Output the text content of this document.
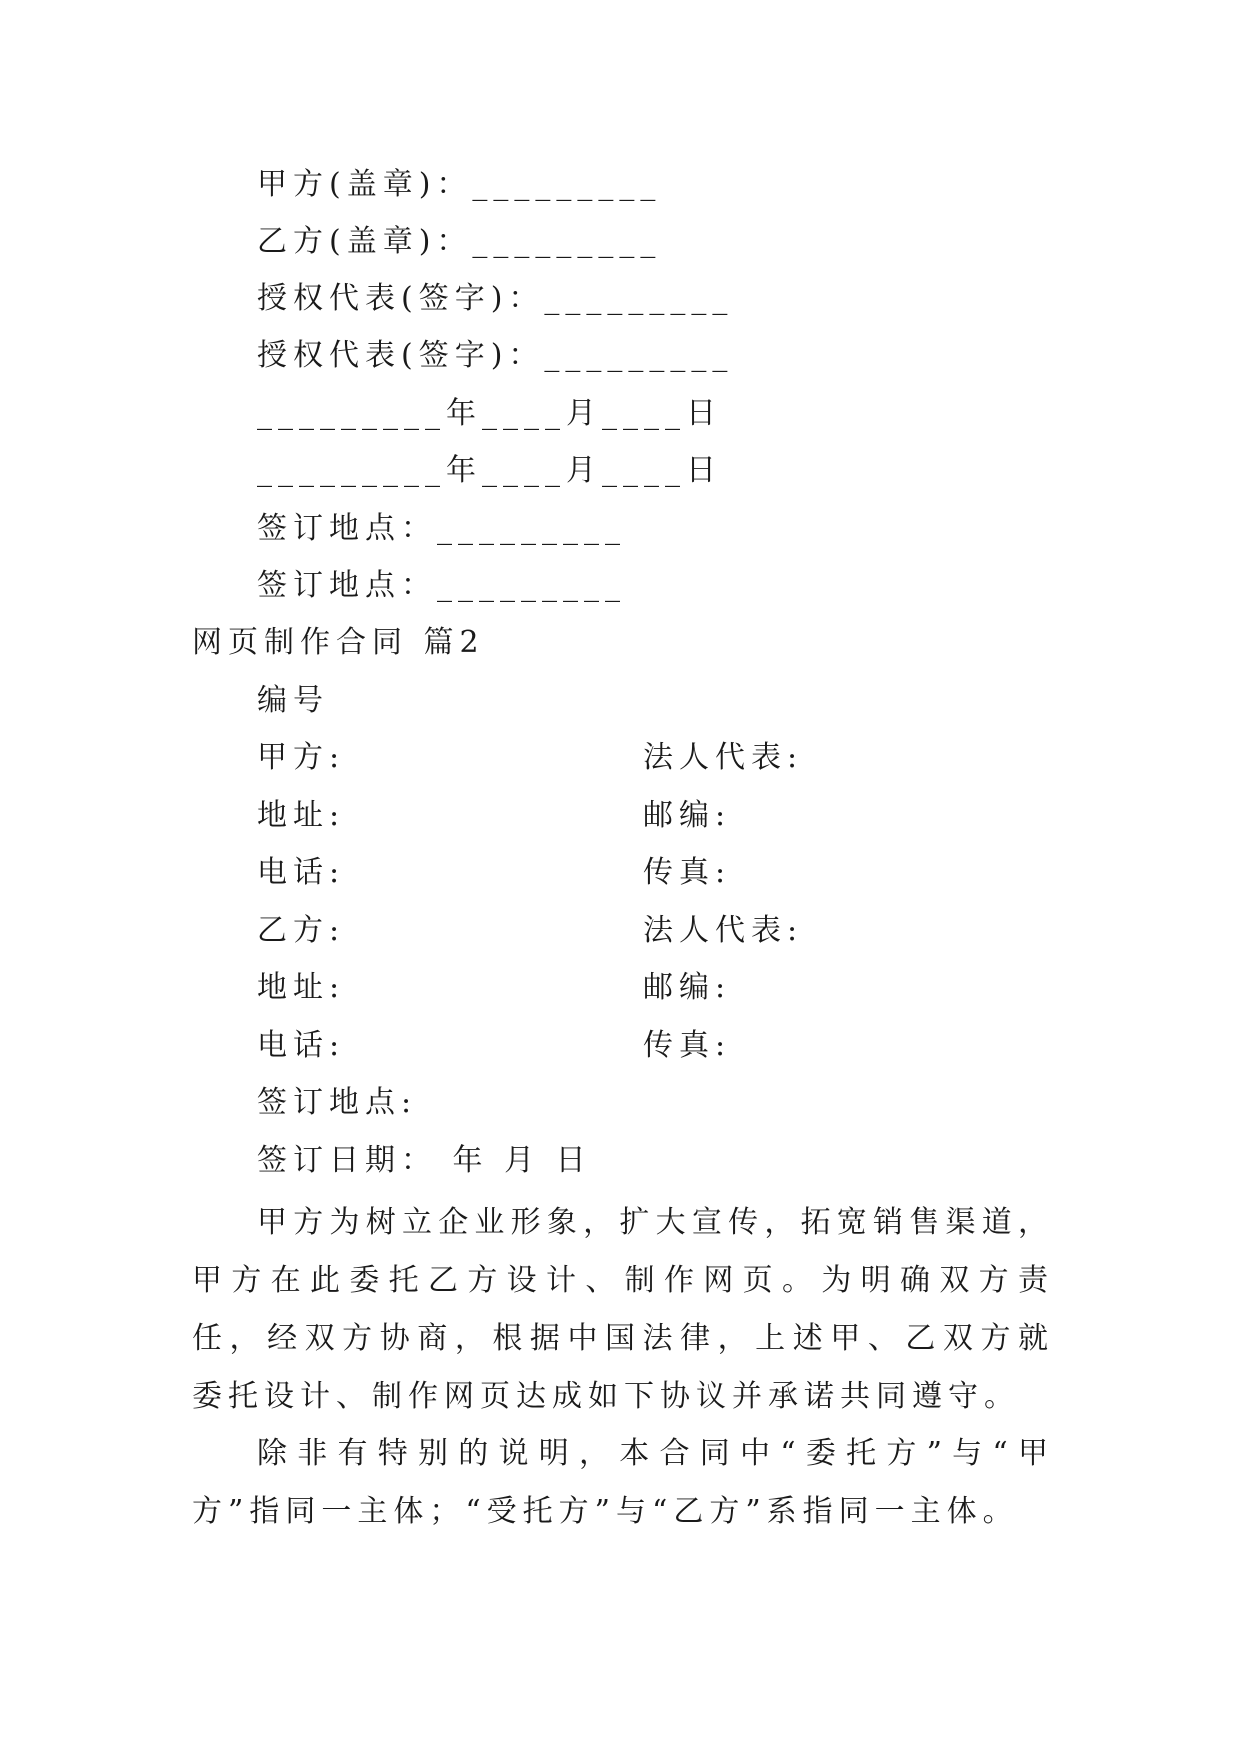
甲方(盖章)：_________
乙方(盖章)：_________
授权代表(签字)：_________
授权代表(签字)：_________
_________年____月____日
_________年____月____日
签订地点：_________
签订地点：_________
网页制作合同 篇2
编号
甲方:	法人代表:
地址:	邮编:
电话:	传真:
乙方:	法人代表:
地址:	邮编:
电话:	传真:
签订地点:
签订日期： 年 月 日
甲方为树立企业形象，扩大宣传，拓宽销售渠道，甲方在此委托乙方设计、制作网页。为明确双方责任，经双方协商，根据中国法律，上述甲、乙双方就委托设计、制作网页达成如下协议并承诺共同遵守。
除非有特别的说明，本合同中“委托方”与“甲方”指同一主体；“受托方”与“乙方”系指同一主体。
